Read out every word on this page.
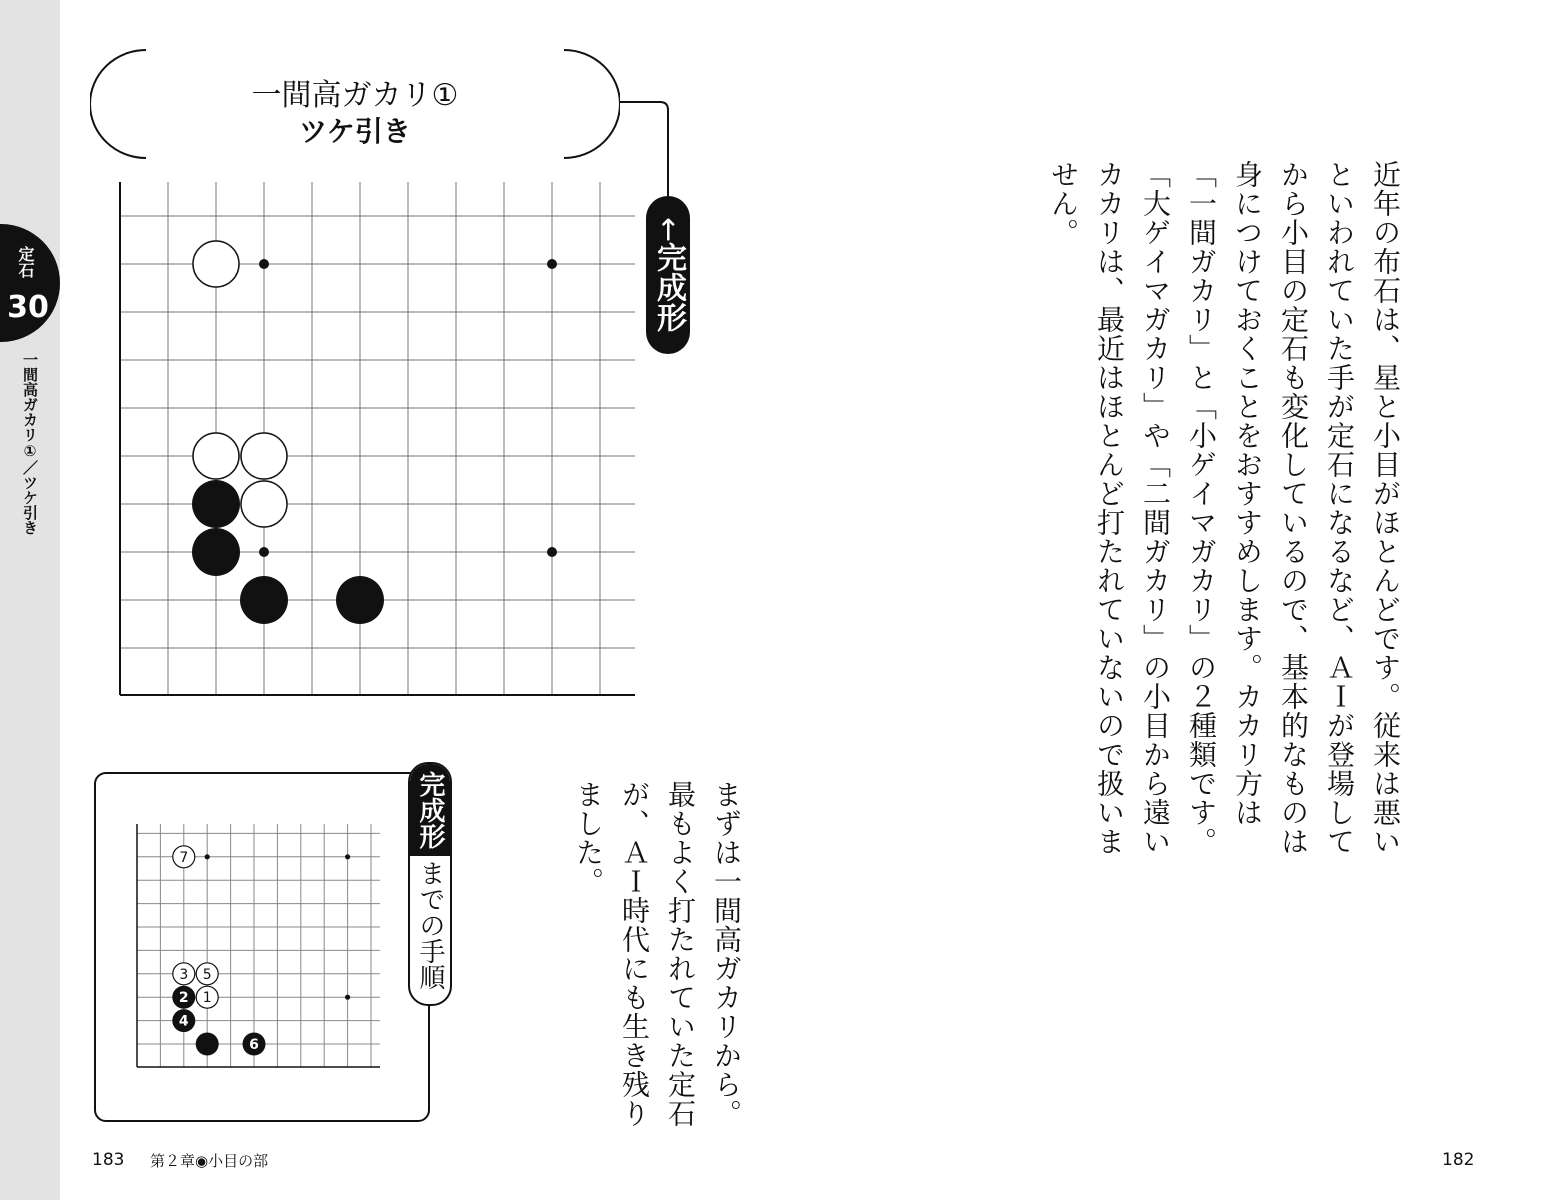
定石
30
一間高ガカリ①／ツケ引き
一間高ガカリ①
ツケ引き
←完成形
7
3 5
1
2
4
6
完成形
までの手順	まずは一間高ガカリから。最もよく打たれていた定石が、ＡＩ時代にも生き残りました。	近年の布石は、星と小目がほとんどです。従来は悪いといわれていた手が定石になるなど、ＡＩが登場してから小目の定石も変化しているので、基本的なものは身につけておくことをおすすめします。カカリ方は「一間ガカリ」と「小ゲイマガカリ」の２種類です。「大ゲイマガカリ」や「二間ガカリ」の小目から遠いカカリは、最近はほとんど打たれていないので扱いません。
183 第２章◉小目の部	182
